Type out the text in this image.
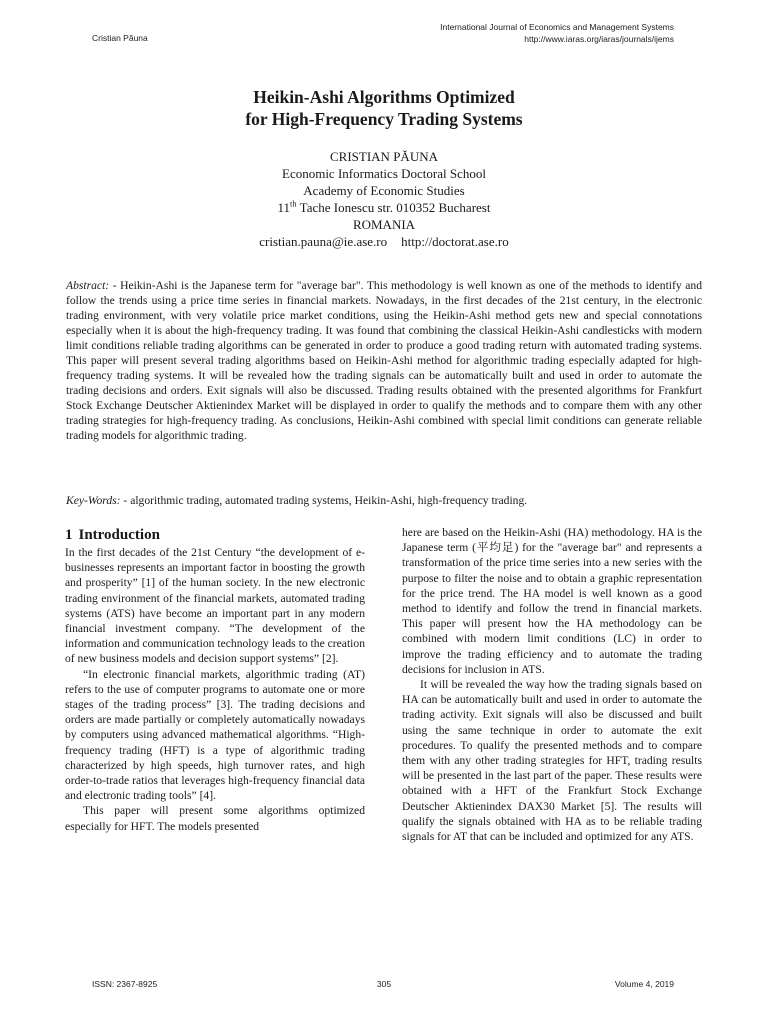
Cristian Păuna
International Journal of Economics and Management Systems
http://www.iaras.org/iaras/journals/ijems
Heikin-Ashi Algorithms Optimized
for High-Frequency Trading Systems
CRISTIAN PĂUNA
Economic Informatics Doctoral School
Academy of Economic Studies
11th Tache Ionescu str. 010352 Bucharest
ROMANIA
cristian.pauna@ie.ase.ro http://doctorat.ase.ro
Abstract: - Heikin-Ashi is the Japanese term for "average bar". This methodology is well known as one of the methods to identify and follow the trends using a price time series in financial markets. Nowadays, in the first decades of the 21st century, in the electronic trading environment, with very volatile price market conditions, using the Heikin-Ashi method gets new and special connotations especially when it is about the high-frequency trading. It was found that combining the classical Heikin-Ashi candlesticks with modern limit conditions reliable trading algorithms can be generated in order to produce a good trading return with automated trading systems. This paper will present several trading algorithms based on Heikin-Ashi method for algorithmic trading especially adapted for high-frequency trading systems. It will be revealed how the trading signals can be automatically built and used in order to automate the trading decisions and orders. Exit signals will also be discussed. Trading results obtained with the presented algorithms for Frankfurt Stock Exchange Deutscher Aktienindex Market will be displayed in order to qualify the methods and to compare them with any other trading strategies for high-frequency trading. As conclusions, Heikin-Ashi combined with special limit conditions can generate reliable trading models for algorithmic trading.
Key-Words: - algorithmic trading, automated trading systems, Heikin-Ashi, high-frequency trading.
1 Introduction

In the first decades of the 21st Century “the development of e-businesses represents an important factor in boosting the growth and prosperity” [1] of the human society. In the new electronic trading environment of the financial markets, automated trading systems (ATS) have become an important part in any modern financial investment company. “The development of the information and communication technology leads to the creation of new business models and decision support systems” [2].

“In electronic financial markets, algorithmic trading (AT) refers to the use of computer programs to automate one or more stages of the trading process” [3]. The trading decisions and orders are made partially or completely automatically nowadays by computers using advanced mathematical algorithms. “High-frequency trading (HFT) is a type of algorithmic trading characterized by high speeds, high turnover rates, and high order-to-trade ratios that leverages high-frequency financial data and electronic trading tools” [4].

This paper will present some algorithms optimized especially for HFT. The models presented

here are based on the Heikin-Ashi (HA) methodology. HA is the Japanese term (平均足) for the "average bar" and represents a transformation of the price time series into a new series with the purpose to filter the noise and to obtain a graphic representation for the price trend. The HA model is well known as a good method to identify and follow the trend in financial markets. This paper will present how the HA methodology can be combined with modern limit conditions (LC) in order to improve the trading efficiency and to automate the trading decisions for inclusion in ATS.

It will be revealed the way how the trading signals based on HA can be automatically built and used in order to automate the trading activity. Exit signals will also be discussed and built using the same technique in order to automate the exit procedures. To qualify the presented methods and to compare them with any other trading strategies for HFT, trading results will be presented in the last part of the paper. These results were obtained with a HFT of the Frankfurt Stock Exchange Deutscher Aktienindex DAX30 Market [5]. The results will qualify the signals obtained with HA as to be reliable trading signals for AT that can be included and optimized for any ATS.

ISSN: 2367-8925	305	Volume 4, 2019
